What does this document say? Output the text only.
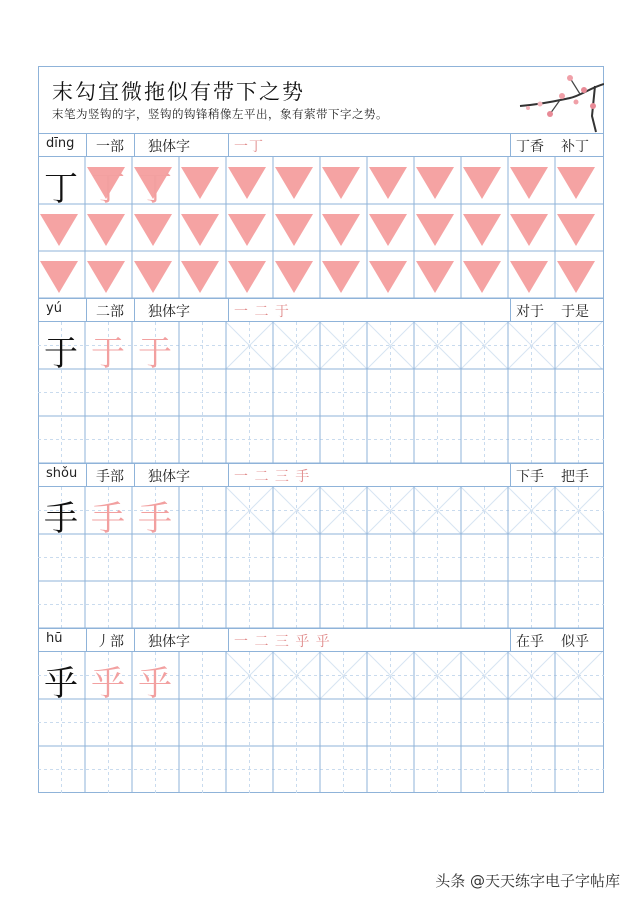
末勾宜微拖似有带下之势
末笔为竖钩的字，竖钩的钩锋稍像左平出，象有萦带下字之势。
dīng 一部 独体字	一丁	丁香 补丁
丁 丁 丁
yú 二部 独体字	一 二 于	对于 于是
于 于 于
shǒu 手部 独体字	一 二 三 手	下手 把手
手 手 手
hū 丿部 独体字	一 二 三 乎 乎	在乎 似乎
乎 乎 乎
头条 @天天练字电子字帖库
